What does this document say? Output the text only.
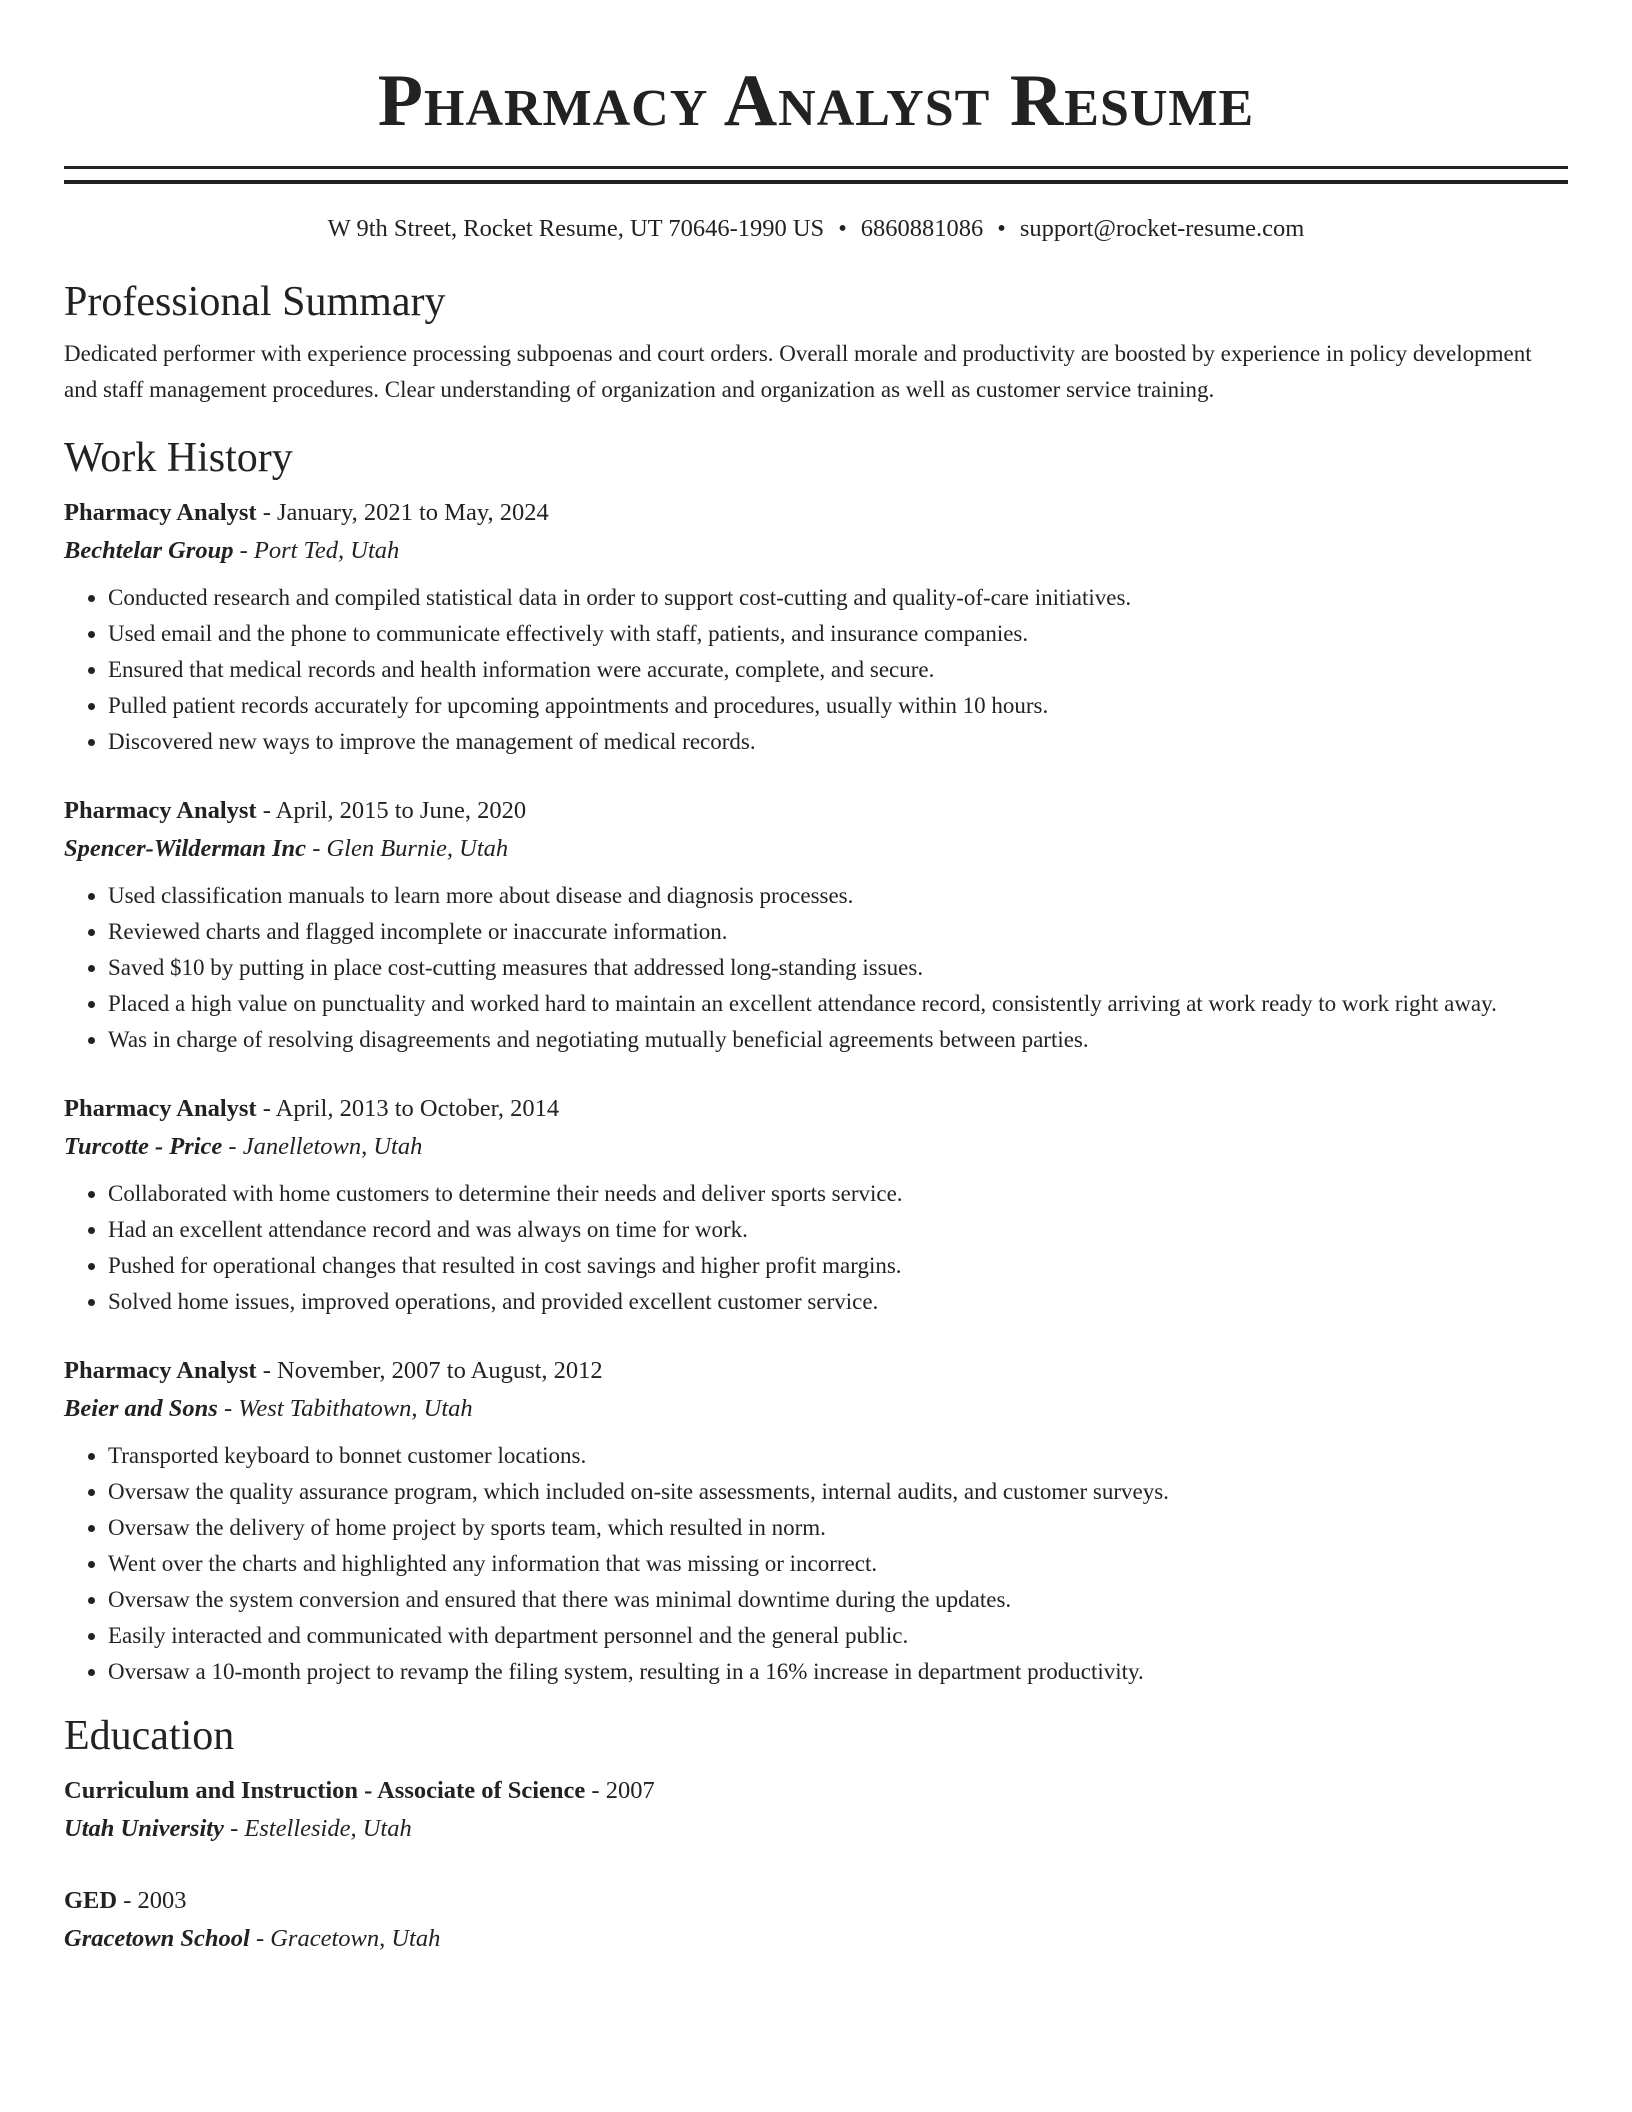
Pharmacy Analyst Resume
W 9th Street, Rocket Resume, UT 70646-1990 US • 6860881086 • support@rocket-resume.com
Professional Summary

Dedicated performer with experience processing subpoenas and court orders. Overall morale and productivity are boosted by experience in policy development and staff management procedures. Clear understanding of organization and organization as well as customer service training.

Work History

Pharmacy Analyst - January, 2021 to May, 2024

Bechtelar Group - Port Ted, Utah

• Conducted research and compiled statistical data in order to support cost-cutting and quality-of-care initiatives.
• Used email and the phone to communicate effectively with staff, patients, and insurance companies.
• Ensured that medical records and health information were accurate, complete, and secure.
• Pulled patient records accurately for upcoming appointments and procedures, usually within 10 hours.
• Discovered new ways to improve the management of medical records.

Pharmacy Analyst - April, 2015 to June, 2020

Spencer-Wilderman Inc - Glen Burnie, Utah

• Used classification manuals to learn more about disease and diagnosis processes.
• Reviewed charts and flagged incomplete or inaccurate information.
• Saved $10 by putting in place cost-cutting measures that addressed long-standing issues.
• Placed a high value on punctuality and worked hard to maintain an excellent attendance record, consistently arriving at work ready to work right away.
• Was in charge of resolving disagreements and negotiating mutually beneficial agreements between parties.

Pharmacy Analyst - April, 2013 to October, 2014

Turcotte - Price - Janelletown, Utah

• Collaborated with home customers to determine their needs and deliver sports service.
• Had an excellent attendance record and was always on time for work.
• Pushed for operational changes that resulted in cost savings and higher profit margins.
• Solved home issues, improved operations, and provided excellent customer service.

Pharmacy Analyst - November, 2007 to August, 2012

Beier and Sons - West Tabithatown, Utah

• Transported keyboard to bonnet customer locations.
• Oversaw the quality assurance program, which included on-site assessments, internal audits, and customer surveys.
• Oversaw the delivery of home project by sports team, which resulted in norm.
• Went over the charts and highlighted any information that was missing or incorrect.
• Oversaw the system conversion and ensured that there was minimal downtime during the updates.
• Easily interacted and communicated with department personnel and the general public.
• Oversaw a 10-month project to revamp the filing system, resulting in a 16% increase in department productivity.
Education

Curriculum and Instruction - Associate of Science - 2007

Utah University - Estelleside, Utah

GED - 2003

Gracetown School - Gracetown, Utah
